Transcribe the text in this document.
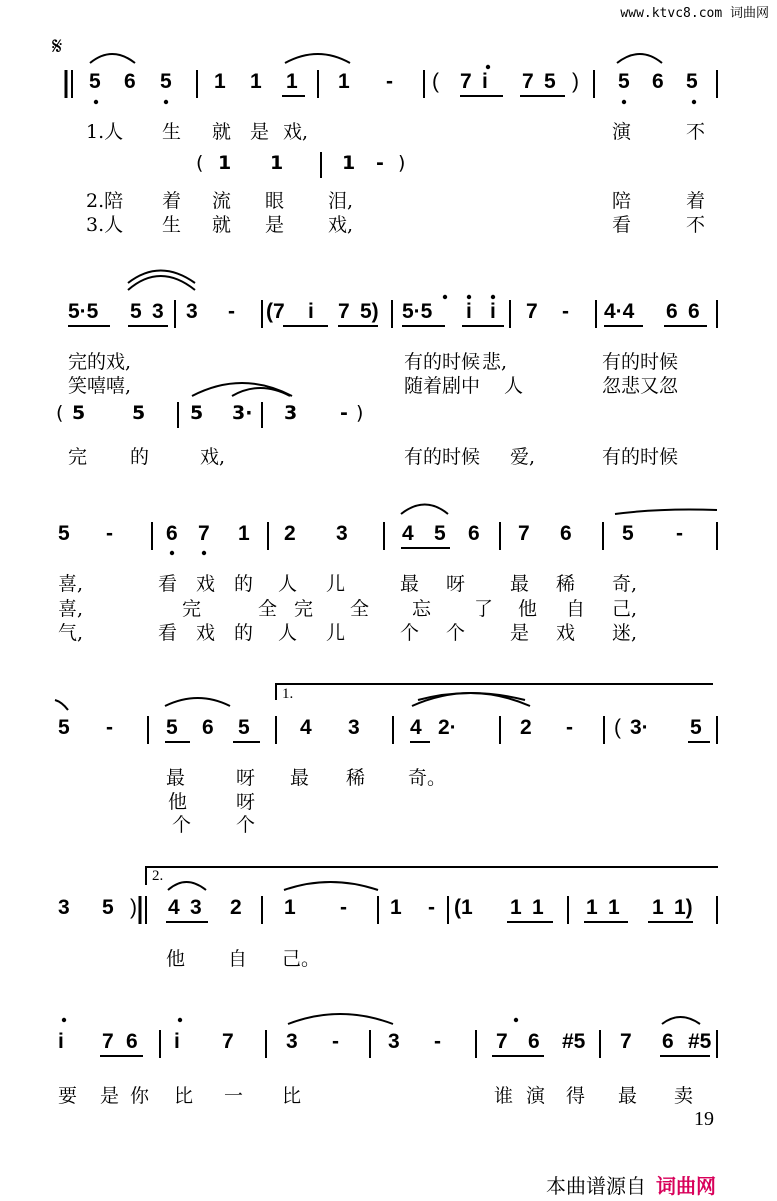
www.ktvc8.com 词曲网
𝄋
5 6 5 1 1 1 1 - ( 7 i 7 5 ) 5 6 5
1.人 生 就 是 戏,	演	不
( 1 1	1 - )
2.陪 着 流 眼 泪,	陪	着
3.人 生 就 是 戏,	看	不
5·5 5 3 3 - (7 i 7 5) 5·5 i i 7 - 4·4 6 6
完的戏,	有的时候 悲,	有的时候
笑嘻嘻,	随着剧中 人	忽悲又忽
( 5 5 5 3· 3 - )
完 的	戏,	有的时候 爱,	有的时候
5 -	6 7 1 2 3	4 5 6 7 6 5 -
喜,	看 戏 的 人 儿	最 呀 最 稀 奇,
喜,	完	全 完 全 忘 了 他 自 己,
气,	看 戏 的 人 儿	个 个 是 戏 迷,
1.
5 -	5 6 5 4 3 4 2·	2 - ( 3· 5
最	呀 最 稀 奇。
他	呀
个 个
2.
3 5 ) 4 3 2 1 - 1 - (1 1 1 1 1 1 1)
他 自 己。
i 7 6 i 7 3 - 3 -	7 6 #5 7 6 #5
要 是 你 比 一 比	谁 演 得 最 卖
19
本曲谱源自 词曲网
